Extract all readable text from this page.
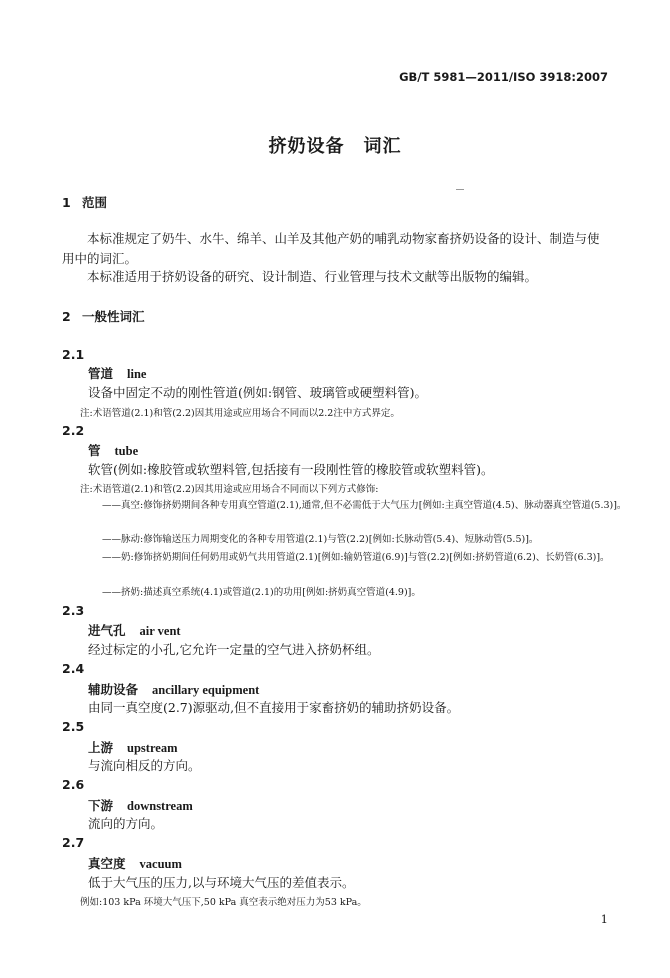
GB/T 5981—2011/ISO 3918:2007
挤奶设备　词汇
1 范围
本标准规定了奶牛、水牛、绵羊、山羊及其他产奶的哺乳动物家畜挤奶设备的设计、制造与使用中的词汇。
本标准适用于挤奶设备的研究、设计制造、行业管理与技术文献等出版物的编辑。
2 一般性词汇
2.1
管道 line
设备中固定不动的刚性管道(例如:钢管、玻璃管或硬塑料管)。
注:术语管道(2.1)和管(2.2)因其用途或应用场合不同而以2.2注中方式界定。
2.2
管 tube
软管(例如:橡胶管或软塑料管,包括接有一段刚性管的橡胶管或软塑料管)。
注:术语管道(2.1)和管(2.2)因其用途或应用场合不同而以下列方式修饰:
——真空:修饰挤奶期间各种专用真空管道(2.1),通常,但不必需低于大气压力[例如:主真空管道(4.5)、脉动器真空管道(5.3)]。
——脉动:修饰输送压力周期变化的各种专用管道(2.1)与管(2.2)[例如:长脉动管(5.4)、短脉动管(5.5)]。
——奶:修饰挤奶期间任何奶用或奶气共用管道(2.1)[例如:输奶管道(6.9)]与管(2.2)[例如:挤奶管道(6.2)、长奶管(6.3)]。
——挤奶:描述真空系统(4.1)或管道(2.1)的功用[例如:挤奶真空管道(4.9)]。
2.3
进气孔 air vent
经过标定的小孔,它允许一定量的空气进入挤奶杯组。
2.4
辅助设备 ancillary equipment
由同一真空度(2.7)源驱动,但不直接用于家畜挤奶的辅助挤奶设备。
2.5
上游 upstream
与流向相反的方向。
2.6
下游 downstream
流向的方向。
2.7
真空度 vacuum
低于大气压的压力,以与环境大气压的差值表示。
例如:103 kPa 环境大气压下,50 kPa 真空表示绝对压力为53 kPa。
1
